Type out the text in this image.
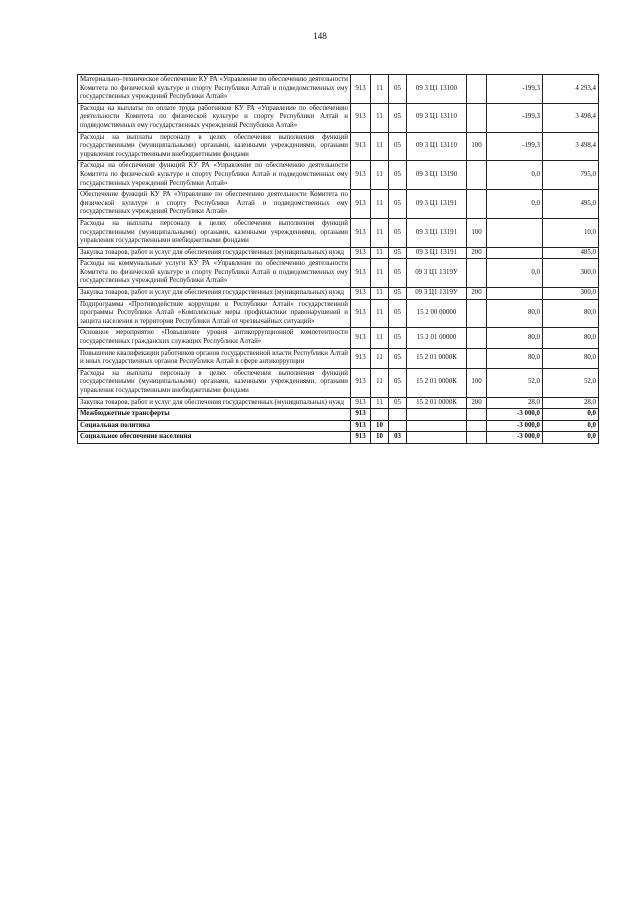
148
Материально–техническое обеспечение КУ РА «Управление по обеспечению деятельности Комитета по физической культуре и спорту Республики Алтай и подведомственных ему государственных учреждений Республики Алтай»	913	11	05	09 3 Ц1 13100		-199,3	4 293,4
Расходы на выплаты по оплате труда работников КУ РА «Управление по обеспечению деятельности Комитета по физической культуре и спорту Республики Алтай и подведомственных ему государственных учреждений Республики Алтай»	913	11	05	09 3 Ц1 13110		-199,3	3 498,4
Расходы на выплаты персоналу в целях обеспечения выполнения функций государственными (муниципальными) органами, казенными учреждениями, органами управления государственными внебюджетными фондами	913	11	05	09 3 Ц1 13110	100	-199,3	3 498,4
Расходы на обеспечение функций КУ РА «Управление по обеспечению деятельности Комитета по физической культуре и спорту Республики Алтай и подведомственных ему государственных учреждений Республики Алтай»	913	11	05	09 3 Ц1 13190		0,0	795,0
Обеспечение функций КУ РА «Управление по обеспечению деятельности Комитета по физической культуре и спорту Республики Алтай и подведомственных ему государственных учреждений Республики Алтай»	913	11	05	09 3 Ц1 13191		0,0	495,0
Расходы на выплаты персоналу в целях обеспечения выполнения функций государственными (муниципальными) органами, казенными учреждениями, органами управления государственными внебюджетными фондами	913	11	05	09 3 Ц1 13191	100		10,0
Закупка товаров, работ и услуг для обеспечения государственных (муниципальных) нужд	913	11	05	09 3 Ц1 13191	200		485,0
Расходы на коммунальные услуги КУ РА «Управление по обеспечению деятельности Комитета по физической культуре и спорту Республики Алтай и подведомственных ему государственных учреждений Республики Алтай»	913	11	05	09 3 Ц1 1319У		0,0	300,0
Закупка товаров, работ и услуг для обеспечения государственных (муниципальных) нужд	913	11	05	09 3 Ц1 1319У	200		300,0
Подпрограмма «Противодействие коррупции в Республике Алтай» государственной программы Республики Алтай «Комплексные меры профилактики правонарушений и защита населения и территории Республики Алтай от чрезвычайных ситуаций»	913	11	05	15 2 00 00000		80,0	80,0
Основное мероприятие «Повышение уровня антикоррупционной компетентности государственных гражданских служащих Республики Алтай»	913	11	05	15 2 01 00000		80,0	80,0
Повышение квалификации работников органов государственной власти Республики Алтай и иных государственных органов Республики Алтай в сфере антикоррупции	913	11	05	15 2 01 0000К		80,0	80,0
Расходы на выплаты персоналу в целях обеспечения выполнения функций государственными (муниципальными) органами, казенными учреждениями, органами управления государственными внебюджетными фондами	913	11	05	15 2 01 0000К	100	52,0	52,0
Закупка товаров, работ и услуг для обеспечения государственных (муниципальных) нужд	913	11	05	15 2 01 0000К	200	28,0	28,0
Межбюджетные трансферты	913					-3 000,0	0,0
Социальная политика	913	10				-3 000,0	0,0
Социальное обеспечение населения	913	10	03			-3 000,0	0,0
